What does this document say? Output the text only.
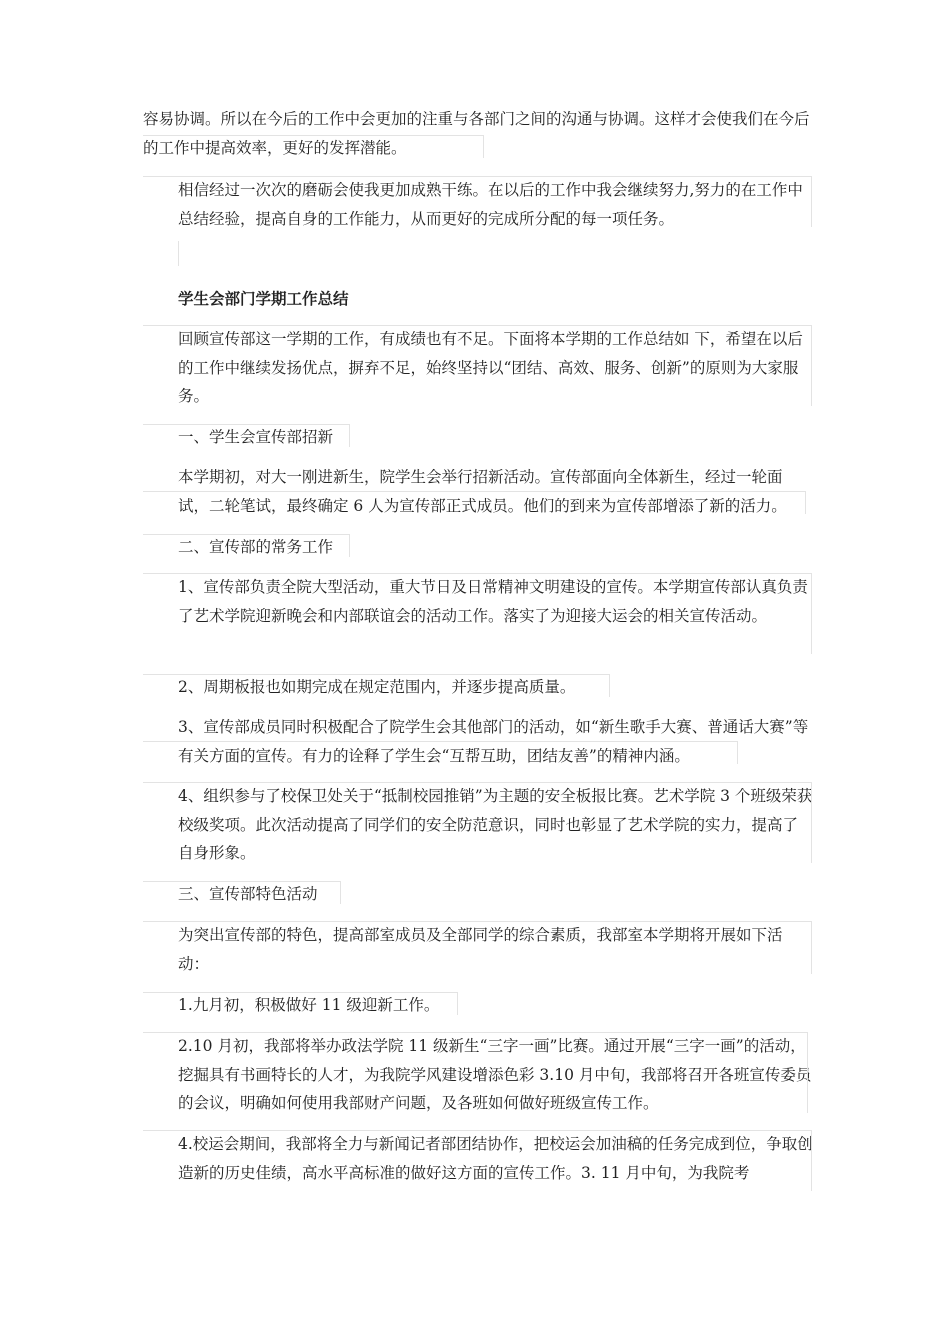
容易协调。所以在今后的工作中会更加的注重与各部门之间的沟通与协调。这样才会使我们在今后的工作中提高效率，更好的发挥潜能。

相信经过一次次的磨砺会使我更加成熟干练。在以后的工作中我会继续努力,努力的在工作中总结经验，提高自身的工作能力，从而更好的完成所分配的每一项任务。

学生会部门学期工作总结

回顾宣传部这一学期的工作，有成绩也有不足。下面将本学期的工作总结如 下，希望在以后的工作中继续发扬优点，摒弃不足，始终坚持以“团结、高效、服务、创新”的原则为大家服务。

一、学生会宣传部招新

本学期初，对大一刚进新生，院学生会举行招新活动。宣传部面向全体新生，经过一轮面试，二轮笔试，最终确定 6 人为宣传部正式成员。他们的到来为宣传部增添了新的活力。

二、宣传部的常务工作

1、宣传部负责全院大型活动，重大节日及日常精神文明建设的宣传。本学期宣传部认真负责了艺术学院迎新晚会和内部联谊会的活动工作。落实了为迎接大运会的相关宣传活动。

2、周期板报也如期完成在规定范围内，并逐步提高质量。

3、宣传部成员同时积极配合了院学生会其他部门的活动，如“新生歌手大赛、普通话大赛”等有关方面的宣传。有力的诠释了学生会“互帮互助，团结友善”的精神内涵。

4、组织参与了校保卫处关于“抵制校园推销”为主题的安全板报比赛。艺术学院 3 个班级荣获校级奖项。此次活动提高了同学们的安全防范意识，同时也彰显了艺术学院的实力，提高了自身形象。

三、宣传部特色活动

为突出宣传部的特色，提高部室成员及全部同学的综合素质，我部室本学期将开展如下活动：

1.九月初，积极做好 11 级迎新工作。

2.10 月初，我部将举办政法学院 11 级新生“三字一画”比赛。通过开展“三字一画”的活动，挖掘具有书画特长的人才，为我院学风建设增添色彩 3.10 月中旬，我部将召开各班宣传委员的会议，明确如何使用我部财产问题，及各班如何做好班级宣传工作。

4.校运会期间，我部将全力与新闻记者部团结协作，把校运会加油稿的任务完成到位，争取创造新的历史佳绩，高水平高标准的做好这方面的宣传工作。3. 11 月中旬，为我院考
